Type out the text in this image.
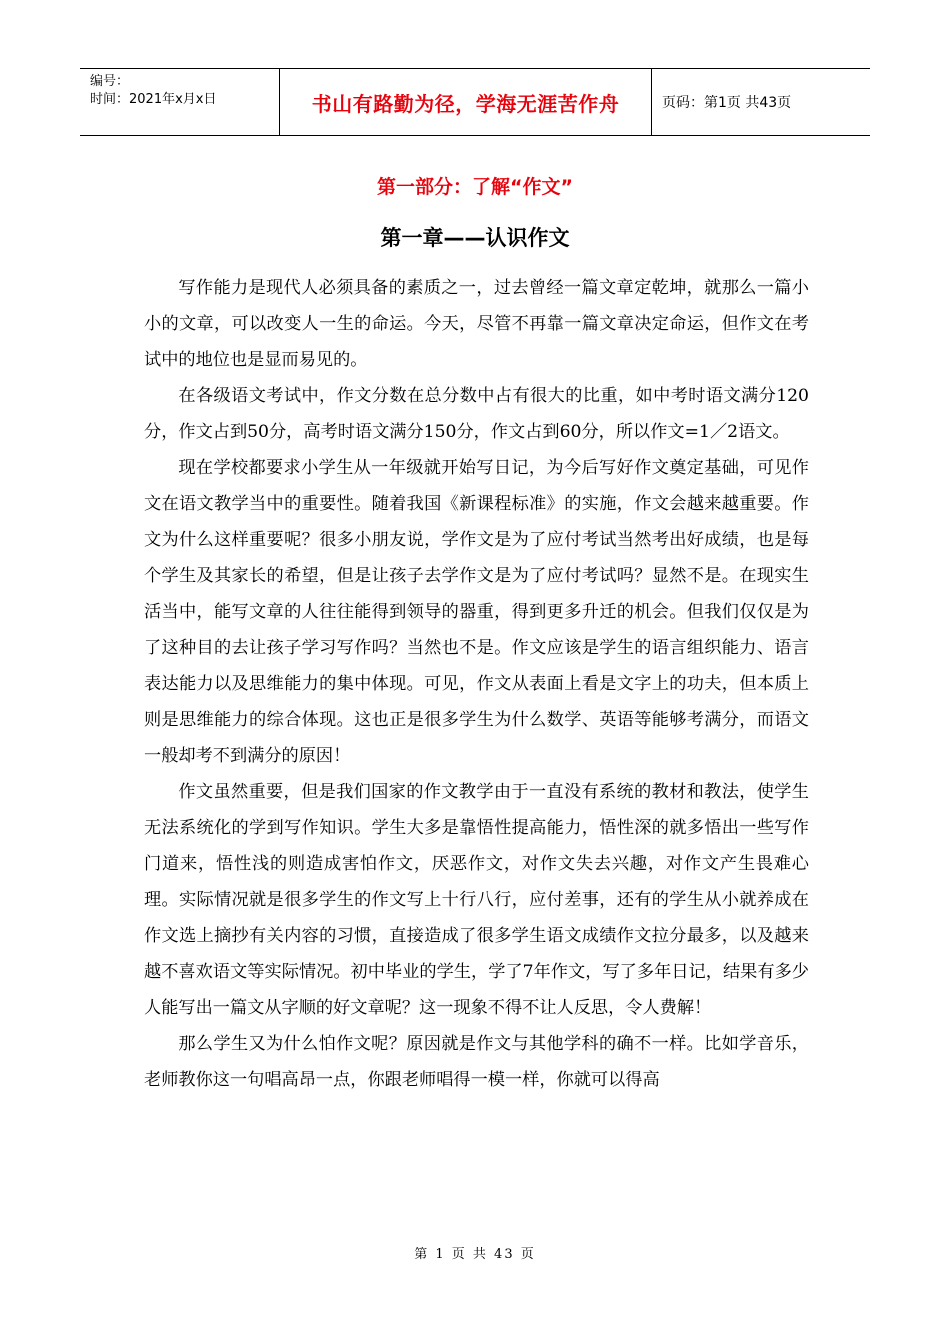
编号：
时间：2021年x月x日	书山有路勤为径，学海无涯苦作舟	页码：第1页 共43页
第一部分：了解“作文”
第一章——认识作文

写作能力是现代人必须具备的素质之一，过去曾经一篇文章定乾坤，就那么一篇小小的文章，可以改变人一生的命运。今天，尽管不再靠一篇文章决定命运，但作文在考试中的地位也是显而易见的。

在各级语文考试中，作文分数在总分数中占有很大的比重，如中考时语文满分120分，作文占到50分，高考时语文满分150分，作文占到60分，所以作文=1／2语文。

现在学校都要求小学生从一年级就开始写日记，为今后写好作文奠定基础，可见作文在语文教学当中的重要性。随着我国《新课程标准》的实施，作文会越来越重要。作文为什么这样重要呢？很多小朋友说，学作文是为了应付考试当然考出好成绩，也是每个学生及其家长的希望，但是让孩子去学作文是为了应付考试吗？显然不是。在现实生活当中，能写文章的人往往能得到领导的器重，得到更多升迁的机会。但我们仅仅是为了这种目的去让孩子学习写作吗？当然也不是。作文应该是学生的语言组织能力、语言表达能力以及思维能力的集中体现。可见，作文从表面上看是文字上的功夫，但本质上则是思维能力的综合体现。这也正是很多学生为什么数学、英语等能够考满分，而语文一般却考不到满分的原因！

作文虽然重要，但是我们国家的作文教学由于一直没有系统的教材和教法，使学生无法系统化的学到写作知识。学生大多是靠悟性提高能力，悟性深的就多悟出一些写作门道来，悟性浅的则造成害怕作文，厌恶作文，对作文失去兴趣，对作文产生畏难心理。实际情况就是很多学生的作文写上十行八行，应付差事，还有的学生从小就养成在作文选上摘抄有关内容的习惯，直接造成了很多学生语文成绩作文拉分最多，以及越来越不喜欢语文等实际情况。初中毕业的学生，学了7年作文，写了多年日记，结果有多少人能写出一篇文从字顺的好文章呢？这一现象不得不让人反思，令人费解！

那么学生又为什么怕作文呢？原因就是作文与其他学科的确不一样。比如学音乐，老师教你这一句唱高昂一点，你跟老师唱得一模一样，你就可以得高

第 1 页 共 43 页
